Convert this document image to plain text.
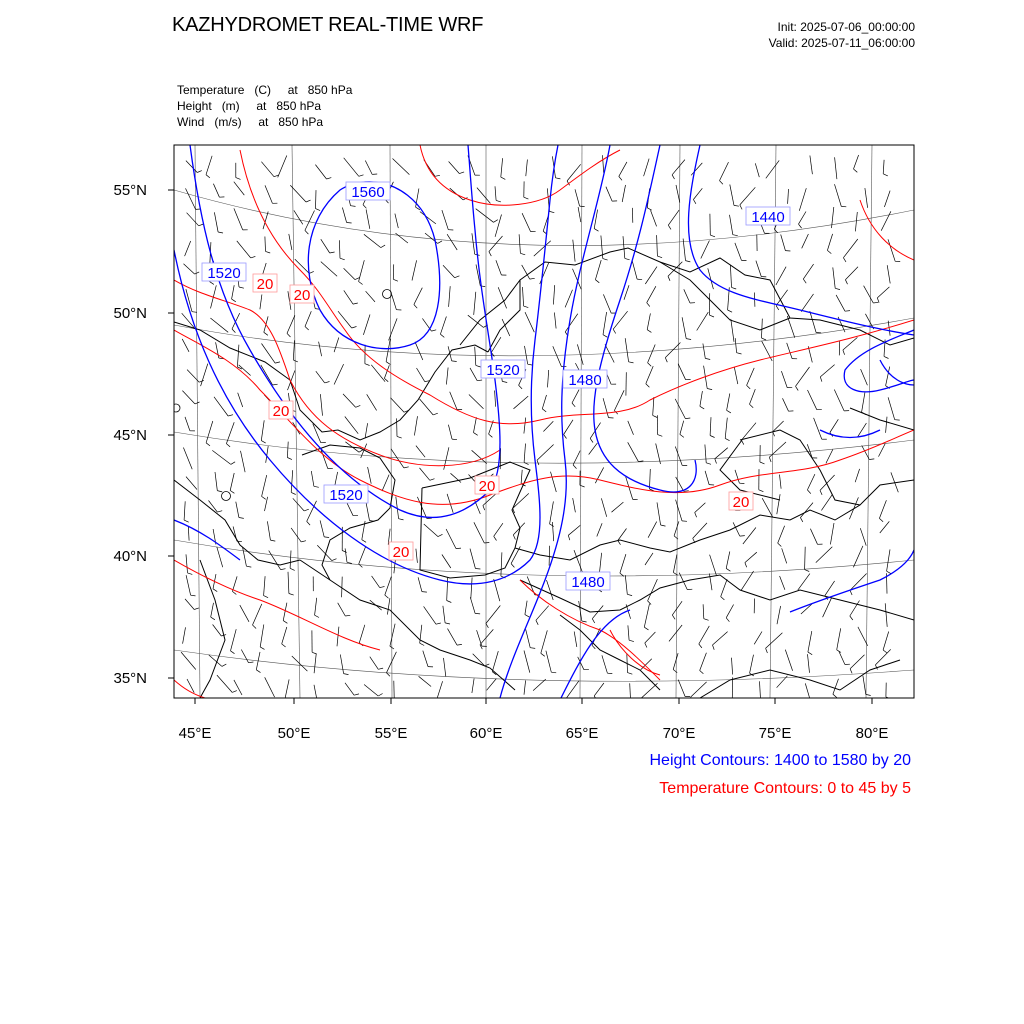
KAZHYDROMET REAL-TIME WRF	Init: 2025-07-06_00:00:00
Valid: 2025-07-11_06:00:00
Temperature   (C)     at   850 hPa
Height   (m)     at   850 hPa
Wind   (m/s)     at   850 hPa
55°N
50°N
45°N
40°N
35°N
45°E	50°E	55°E	60°E	65°E	70°E	75°E	80°E
1560
1520
1520
1480
1440
1520
1480
20
20
20
20
20
20
Height Contours: 1400 to 1580 by 20
Temperature Contours: 0 to 45 by 5
